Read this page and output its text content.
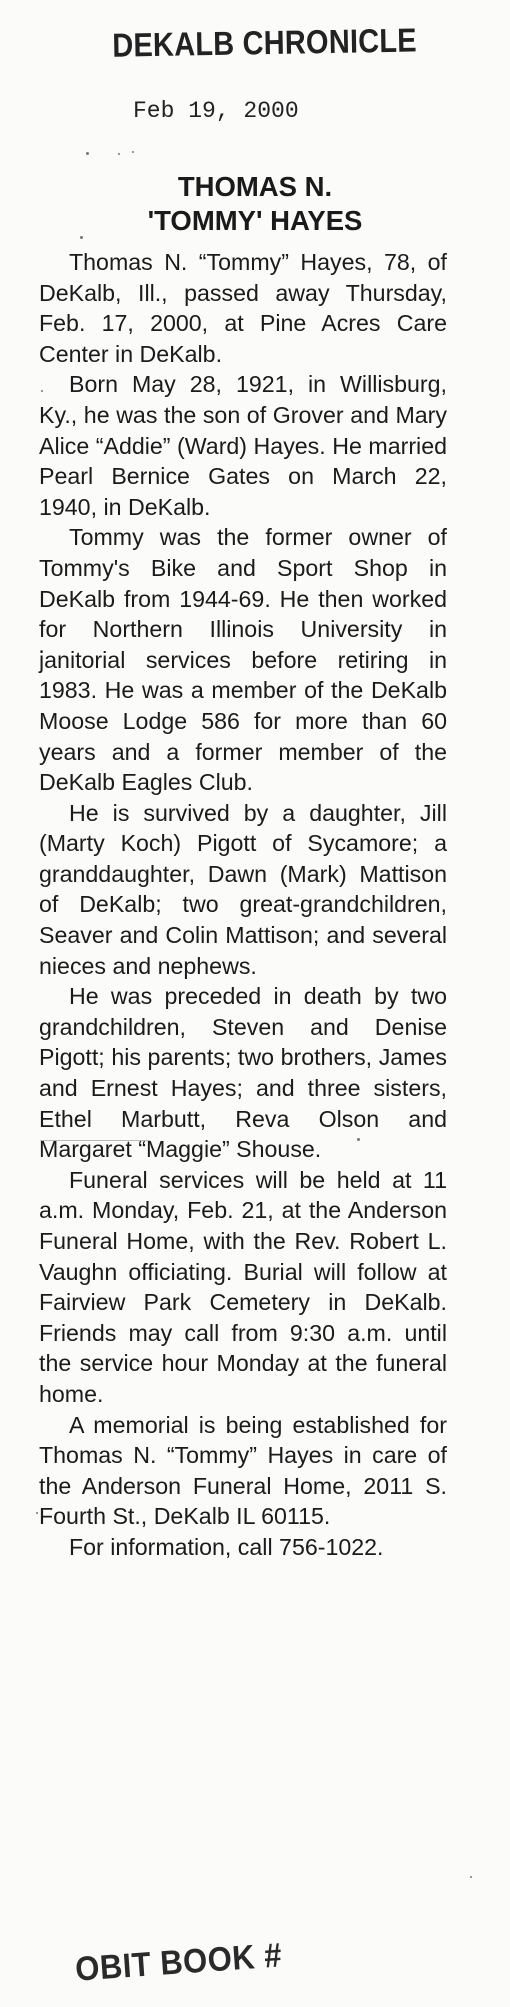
DEKALB CHRONICLE
Feb 19, 2000
THOMAS N.
'TOMMY' HAYES

Thomas N. “Tommy” Hayes, 78, of DeKalb, Ill., passed away Thursday, Feb. 17, 2000, at Pine Acres Care Center in DeKalb.

Born May 28, 1921, in Willisburg, Ky., he was the son of Grover and Mary Alice “Addie” (Ward) Hayes. He married Pearl Bernice Gates on March 22, 1940, in DeKalb.

Tommy was the former owner of Tommy's Bike and Sport Shop in DeKalb from 1944-69. He then worked for Northern Illinois University in janitorial services before retiring in 1983. He was a member of the DeKalb Moose Lodge 586 for more than 60 years and a former member of the DeKalb Eagles Club.

He is survived by a daughter, Jill (Marty Koch) Pigott of Sycamore; a granddaughter, Dawn (Mark) Mattison of DeKalb; two great-grandchildren, Seaver and Colin Mattison; and several nieces and nephews.

He was preceded in death by two grandchildren, Steven and Denise Pigott; his parents; two brothers, James and Ernest Hayes; and three sisters, Ethel Marbutt, Reva Olson and Margaret “Maggie” Shouse.

Funeral services will be held at 11 a.m. Monday, Feb. 21, at the Anderson Funeral Home, with the Rev. Robert L. Vaughn officiating. Burial will follow at Fairview Park Cemetery in DeKalb. Friends may call from 9:30 a.m. until the service hour Monday at the funeral home.

A memorial is being established for Thomas N. “Tommy” Hayes in care of the Anderson Funeral Home, 2011 S. Fourth St., DeKalb IL 60115.

For information, call 756-1022.

OBIT BOOK #
